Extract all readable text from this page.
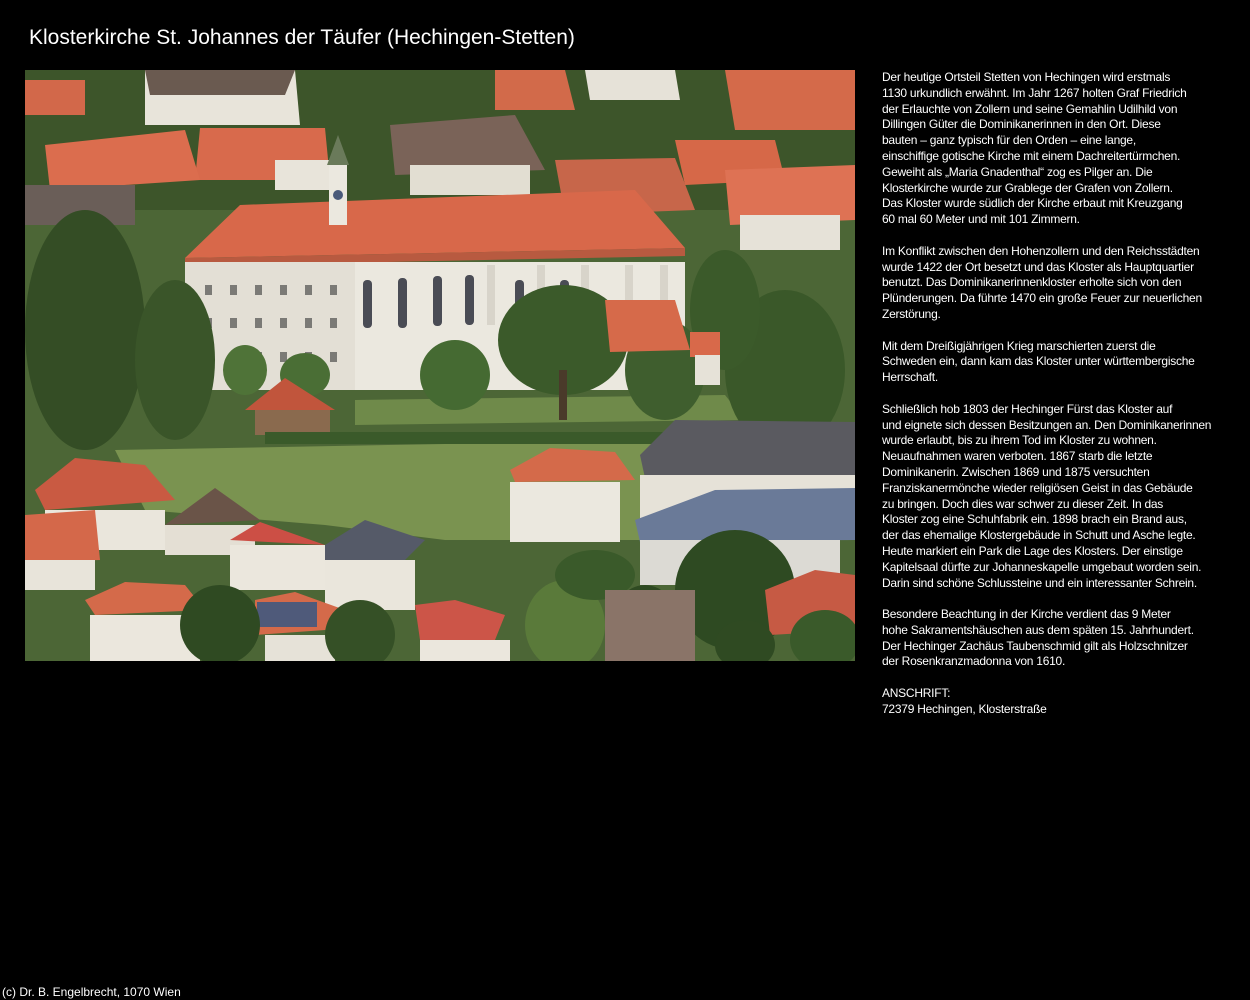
Klosterkirche St. Johannes der Täufer (Hechingen-Stetten)

Der heutige Ortsteil Stetten von Hechingen wird erstmals
1130 urkundlich erwähnt. Im Jahr 1267 holten Graf Friedrich
der Erlauchte von Zollern und seine Gemahlin Udilhild von
Dillingen Güter die Dominikanerinnen in den Ort. Diese
bauten – ganz typisch für den Orden – eine lange,
einschiffige gotische Kirche mit einem Dachreitertürmchen.
Geweiht als „Maria Gnadenthal“ zog es Pilger an. Die
Klosterkirche wurde zur Grablege der Grafen von Zollern.
Das Kloster wurde südlich der Kirche erbaut mit Kreuzgang
60 mal 60 Meter und mit 101 Zimmern.

Im Konflikt zwischen den Hohenzollern und den Reichsstädten
wurde 1422 der Ort besetzt und das Kloster als Hauptquartier
benutzt. Das Dominikanerinnenkloster erholte sich von den
Plünderungen. Da führte 1470 ein große Feuer zur neuerlichen
Zerstörung.

Mit dem Dreißigjährigen Krieg marschierten zuerst die
Schweden ein, dann kam das Kloster unter württembergische
Herrschaft.

Schließlich hob 1803 der Hechinger Fürst das Kloster auf
und eignete sich dessen Besitzungen an. Den Dominikanerinnen
wurde erlaubt, bis zu ihrem Tod im Kloster zu wohnen.
Neuaufnahmen waren verboten. 1867 starb die letzte
Dominikanerin. Zwischen 1869 und 1875 versuchten
Franziskanermönche wieder religiösen Geist in das Gebäude
zu bringen. Doch dies war schwer zu dieser Zeit. In das
Kloster zog eine Schuhfabrik ein. 1898 brach ein Brand aus,
der das ehemalige Klostergebäude in Schutt und Asche legte.
Heute markiert ein Park die Lage des Klosters. Der einstige
Kapitelsaal dürfte zur Johanneskapelle umgebaut worden sein.
Darin sind schöne Schlussteine und ein interessanter Schrein.

Besondere Beachtung in der Kirche verdient das 9 Meter
hohe Sakramentshäuschen aus dem späten 15. Jahrhundert.
Der Hechinger Zachäus Taubenschmid gilt als Holzschnitzer
der Rosenkranzmadonna von 1610.

ANSCHRIFT:
72379 Hechingen, Klosterstraße
(c) Dr. B. Engelbrecht, 1070 Wien
